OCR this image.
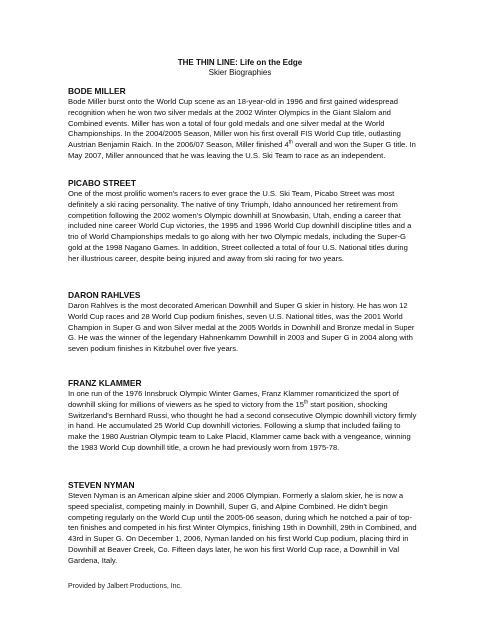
THE THIN LINE: Life on the Edge
Skier Biographies
BODE MILLER

Bode Miller burst onto the World Cup scene as an 18-year-old in 1996 and first gained widespread recognition when he won two silver medals at the 2002 Winter Olympics in the Giant Slalom and Combined events. Miller has won a total of four gold medals and one silver medal at the World Championships. In the 2004/2005 Season, Miller won his first overall FIS World Cup title, outlasting Austrian Benjamin Raich. In the 2006/07 Season, Miller finished 4th overall and won the Super G title. In May 2007, Miller announced that he was leaving the U.S. Ski Team to race as an independent.

PICABO STREET

One of the most prolific women's racers to ever grace the U.S. Ski Team, Picabo Street was most definitely a ski racing personality. The native of tiny Triumph, Idaho announced her retirement from competition following the 2002 women's Olympic downhill at Snowbasin, Utah, ending a career that included nine career World Cup victories, the 1995 and 1996 World Cup downhill discipline titles and a trio of World Championships medals to go along with her two Olympic medals, including the Super-G gold at the 1998 Nagano Games. In addition, Street collected a total of four U.S. National titles during her illustrious career, despite being injured and away from ski racing for two years.

DARON RAHLVES

Daron Rahlves is the most decorated American Downhill and Super G skier in history. He has won 12 World Cup races and 28 World Cup podium finishes, seven U.S. National titles, was the 2001 World Champion in Super G and won Silver medal at the 2005 Worlds in Downhill and Bronze medal in Super G. He was the winner of the legendary Hahnenkamm Downhill in 2003 and Super G in 2004 along with seven podium finishes in Kitzbuhel over five years.

FRANZ KLAMMER

In one run of the 1976 Innsbruck Olympic Winter Games, Franz Klammer romanticized the sport of downhill skiing for millions of viewers as he sped to victory from the 15th start position, shocking Switzerland's Bernhard Russi, who thought he had a second consecutive Olympic downhill victory firmly in hand. He accumulated 25 World Cup downhill victories. Following a slump that included failing to make the 1980 Austrian Olympic team to Lake Placid, Klammer came back with a vengeance, winning the 1983 World Cup downhill title, a crown he had previously worn from 1975-78.

STEVEN NYMAN

Steven Nyman is an American alpine skier and 2006 Olympian. Formerly a slalom skier, he is now a speed specialist, competing mainly in Downhill, Super G, and Alpine Combined. He didn't begin competing regularly on the World Cup until the 2005-06 season, during which he notched a pair of top-ten finishes and competed in his first Winter Olympics, finishing 19th in Downhill, 29th in Combined, and 43rd in Super G. On December 1, 2006, Nyman landed on his first World Cup podium, placing third in Downhill at Beaver Creek, Co. Fifteen days later, he won his first World Cup race, a Downhill in Val Gardena, Italy.

Provided by Jalbert Productions, Inc.
